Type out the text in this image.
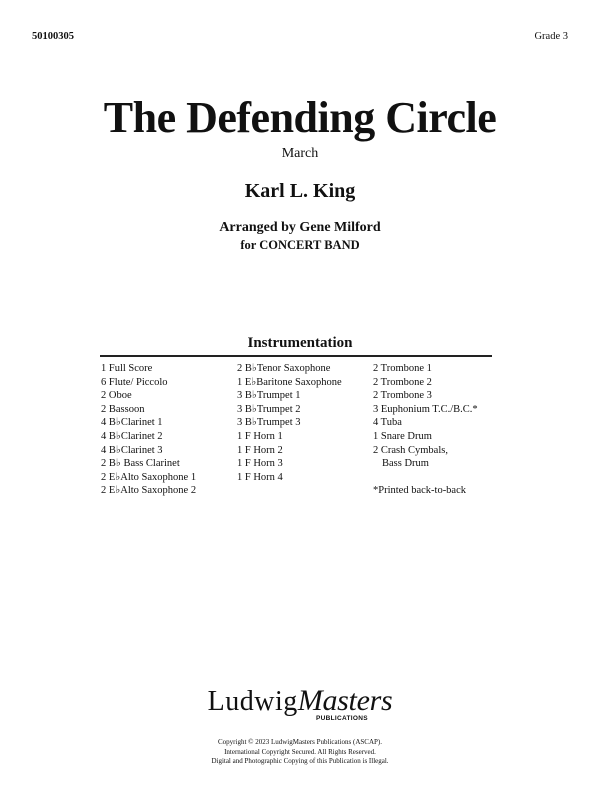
50100305	Grade 3
The Defending Circle
March
Karl L. King
Arranged by Gene Milford
for CONCERT BAND
Instrumentation
1 Full Score
6 Flute/ Piccolo
2 Oboe
2 Bassoon
4 B♭Clarinet 1
4 B♭Clarinet 2
4 B♭Clarinet 3
2 B♭ Bass Clarinet
2 E♭Alto Saxophone 1
2 E♭Alto Saxophone 2
2 B♭Tenor Saxophone
1 E♭Baritone Saxophone
3 B♭Trumpet 1
3 B♭Trumpet 2
3 B♭Trumpet 3
1 F Horn 1
1 F Horn 2
1 F Horn 3
1 F Horn 4
2 Trombone 1
2 Trombone 2
2 Trombone 3
3 Euphonium T.C./B.C.*
4 Tuba
1 Snare Drum
2 Crash Cymbals,
Bass Drum
*Printed back-to-back
LudwigMasters
PUBLICATIONS
Copyright © 2023 LudwigMasters Publications (ASCAP).
International Copyright Secured. All Rights Reserved.
Digital and Photographic Copying of this Publication is Illegal.
